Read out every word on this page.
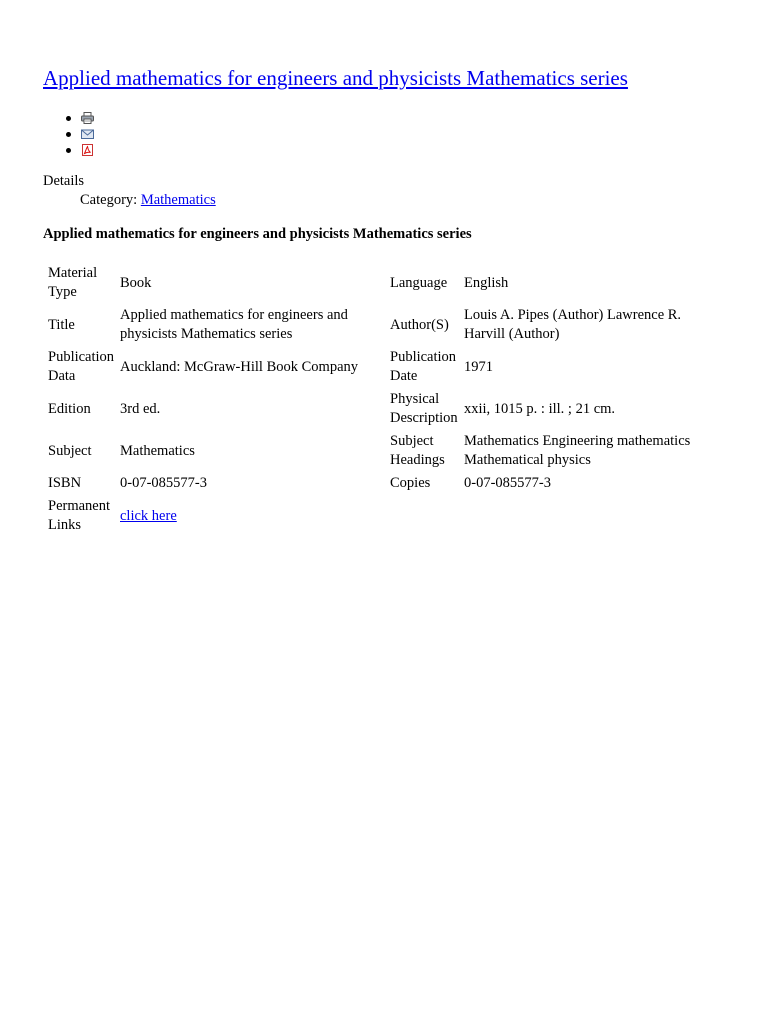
Applied mathematics for engineers and physicists Mathematics series
Details
Category: Mathematics
Applied mathematics for engineers and physicists Mathematics series
Material Type	Book	Language	English
Title	Applied mathematics for engineers and physicists Mathematics series	Author(S)	Louis A. Pipes (Author) Lawrence R. Harvill (Author)
Publication Data	Auckland: McGraw-Hill Book Company	Publication Date	1971
Edition	3rd ed.	Physical Description	xxii, 1015 p. : ill. ; 21 cm.
Subject	Mathematics	Subject Headings	Mathematics Engineering mathematics Mathematical physics
ISBN	0-07-085577-3	Copies	0-07-085577-3
Permanent Links	click here		
